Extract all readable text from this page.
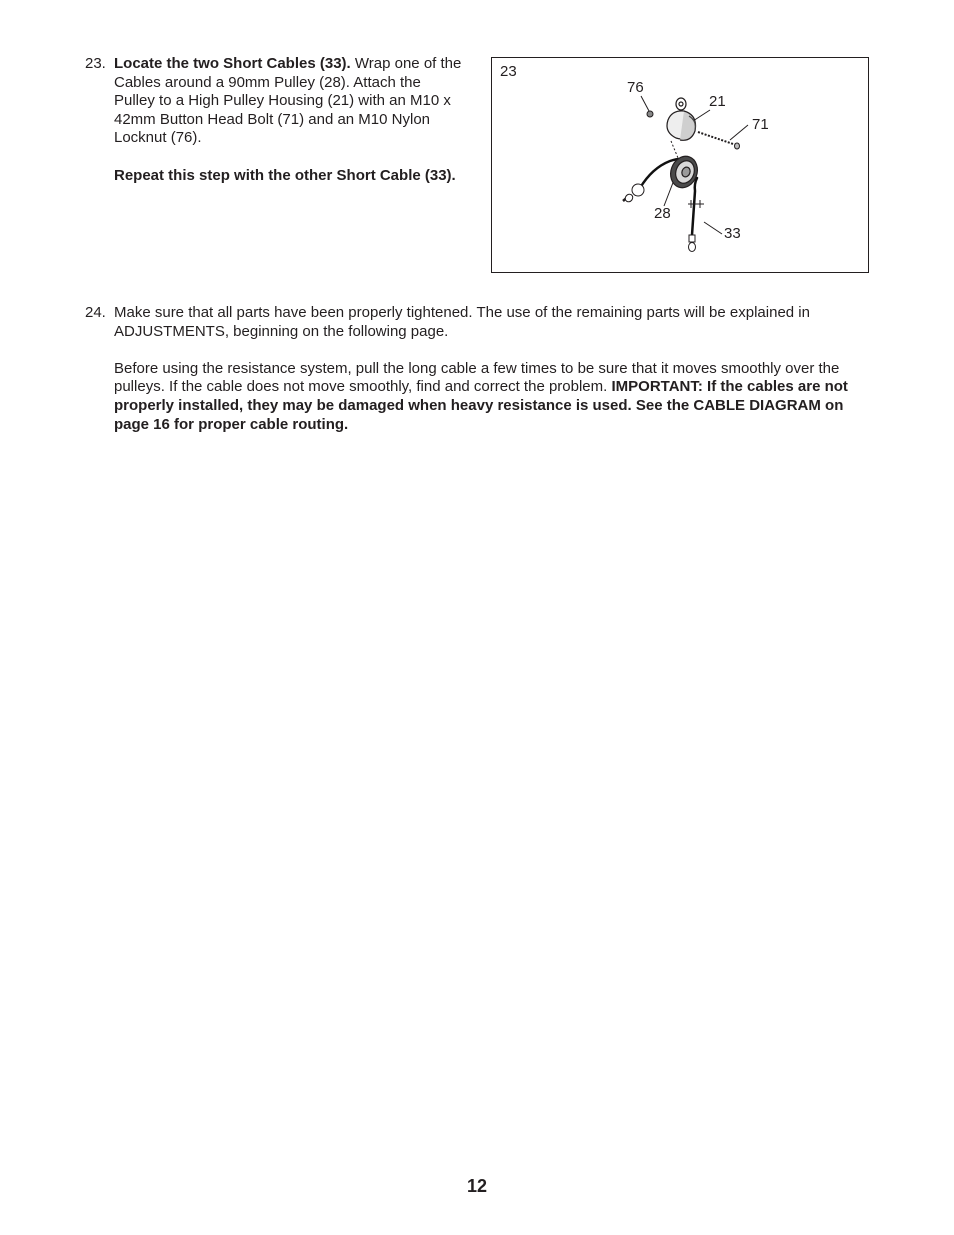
23. Locate the two Short Cables (33). Wrap one of the Cables around a 90mm Pulley (28). Attach the Pulley to a High Pulley Housing (21) with an M10 x 42mm Button Head Bolt (71) and an M10 Nylon Locknut (76).

Repeat this step with the other Short Cable (33).

23
76
21
71
28
33
24. Make sure that all parts have been properly tightened. The use of the remaining parts will be explained in ADJUSTMENTS, beginning on the following page.

Before using the resistance system, pull the long cable a few times to be sure that it moves smoothly over the pulleys. If the cable does not move smoothly, find and correct the problem. IMPORTANT: If the cables are not properly installed, they may be damaged when heavy resistance is used. See the CABLE DIAGRAM on page 16 for proper cable routing.

12
